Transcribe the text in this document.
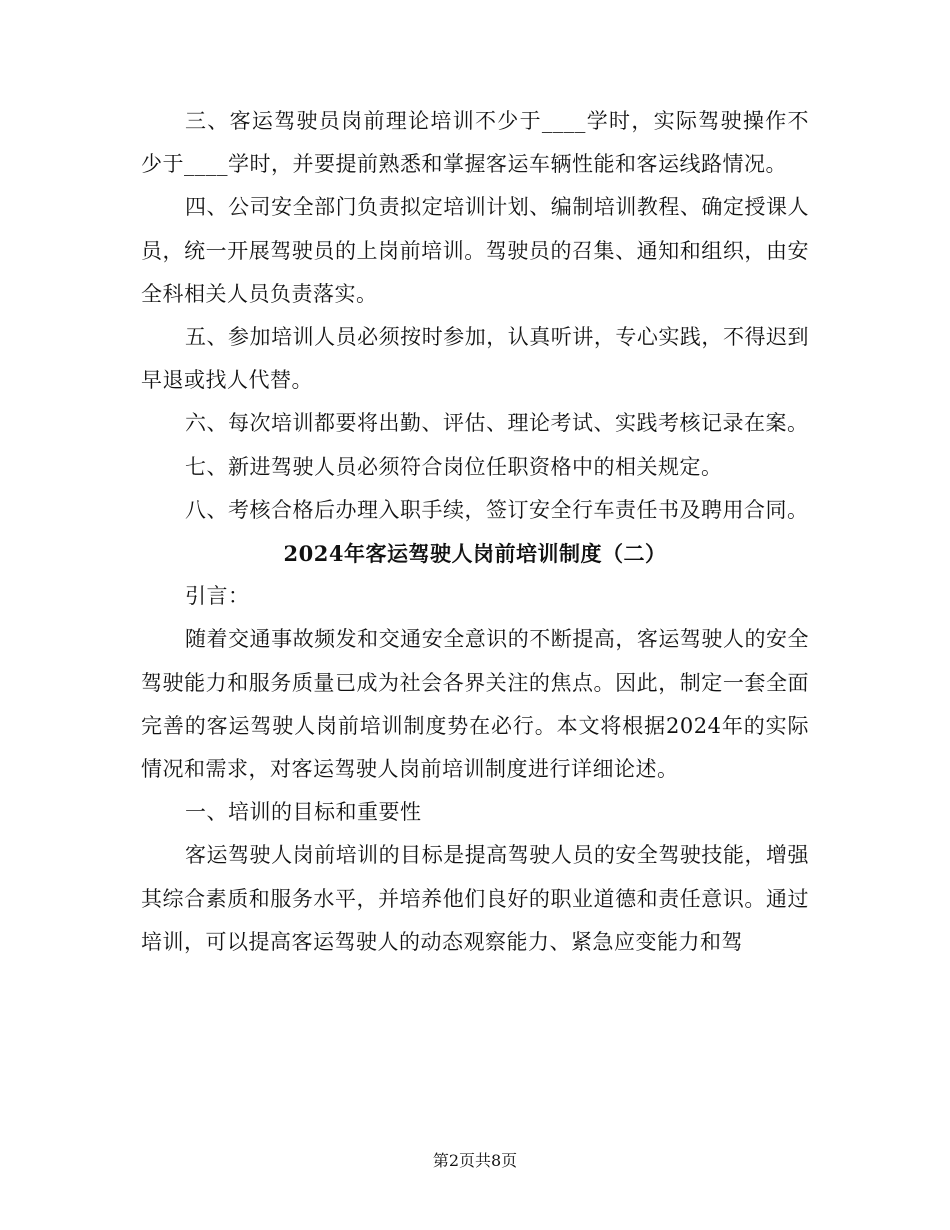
三、客运驾驶员岗前理论培训不少于____学时，实际驾驶操作不少于____学时，并要提前熟悉和掌握客运车辆性能和客运线路情况。

四、公司安全部门负责拟定培训计划、编制培训教程、确定授课人员，统一开展驾驶员的上岗前培训。驾驶员的召集、通知和组织，由安全科相关人员负责落实。

五、参加培训人员必须按时参加，认真听讲，专心实践，不得迟到早退或找人代替。

六、每次培训都要将出勤、评估、理论考试、实践考核记录在案。

七、新进驾驶人员必须符合岗位任职资格中的相关规定。

八、考核合格后办理入职手续，签订安全行车责任书及聘用合同。

2024年客运驾驶人岗前培训制度（二）

引言：

随着交通事故频发和交通安全意识的不断提高，客运驾驶人的安全驾驶能力和服务质量已成为社会各界关注的焦点。因此，制定一套全面完善的客运驾驶人岗前培训制度势在必行。本文将根据2024年的实际情况和需求，对客运驾驶人岗前培训制度进行详细论述。

一、培训的目标和重要性

客运驾驶人岗前培训的目标是提高驾驶人员的安全驾驶技能，增强其综合素质和服务水平，并培养他们良好的职业道德和责任意识。通过培训，可以提高客运驾驶人的动态观察能力、紧急应变能力和驾

第2页共8页
